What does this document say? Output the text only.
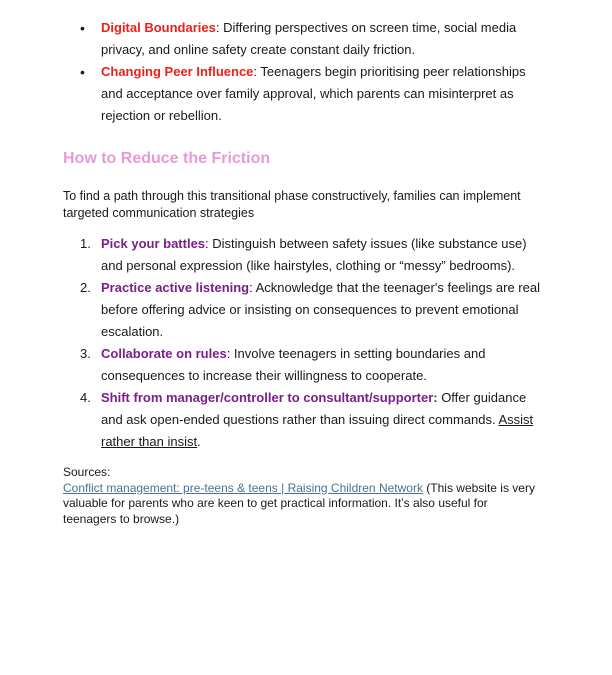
• Digital Boundaries: Differing perspectives on screen time, social media privacy, and online safety create constant daily friction.
• Changing Peer Influence: Teenagers begin prioritising peer relationships and acceptance over family approval, which parents can misinterpret as rejection or rebellion.
How to Reduce the Friction

To find a path through this transitional phase constructively, families can implement targeted communication strategies

1. Pick your battles: Distinguish between safety issues (like substance use) and personal expression (like hairstyles, clothing or “messy” bedrooms).
2. Practice active listening: Acknowledge that the teenager's feelings are real before offering advice or insisting on consequences to prevent emotional escalation.
3. Collaborate on rules: Involve teenagers in setting boundaries and consequences to increase their willingness to cooperate.
4. Shift from manager/controller to consultant/supporter: Offer guidance and ask open-ended questions rather than issuing direct commands. Assist rather than insist.
Sources:
Conflict management: pre-teens & teens | Raising Children Network (This website is very valuable for parents who are keen to get practical information. It’s also useful for teenagers to browse.)
